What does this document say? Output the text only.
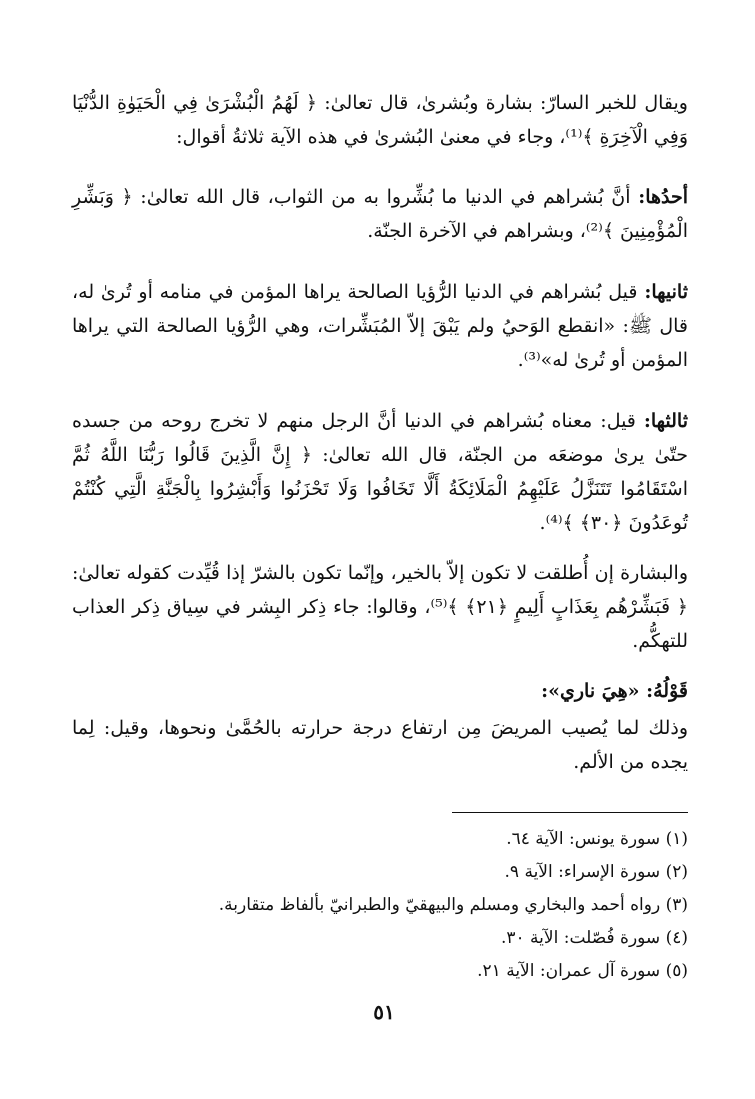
ويقال للخبر السارّ: بشارة وبُشرىٰ، قال تعالىٰ: ﴿ لَهُمُ الْبُشْرَىٰ فِي الْحَيَوٰةِ الدُّنْيَا وَفِي الْآخِرَةِ ﴾⁽¹⁾، وجاء في معنىٰ البُشرىٰ في هذه الآية ثلاثةُ أقوال:

أحدُها: أنَّ بُشراهم في الدنيا ما بُشِّروا به من الثواب، قال الله تعالىٰ: ﴿ وَبَشِّرِ الْمُؤْمِنِينَ ﴾⁽²⁾، وبشراهم في الآخرة الجنّة.

ثانيها: قيل بُشراهم في الدنيا الرُّؤيا الصالحة يراها المؤمن في منامه أو تُرىٰ له، قال ﷺ: «انقطع الوَحيُ ولم يَبْقَ إلاّ المُبَشِّرات، وهي الرُّؤيا الصالحة التي يراها المؤمن أو تُرىٰ له»⁽³⁾.

ثالثها: قيل: معناه بُشراهم في الدنيا أنَّ الرجل منهم لا تخرج روحه من جسده حتّىٰ يرىٰ موضعَه من الجنّة، قال الله تعالىٰ: ﴿ إِنَّ الَّذِينَ قَالُوا رَبُّنَا اللَّهُ ثُمَّ اسْتَقَامُوا تَتَنَزَّلُ عَلَيْهِمُ الْمَلَائِكَةُ أَلَّا تَخَافُوا وَلَا تَحْزَنُوا وَأَبْشِرُوا بِالْجَنَّةِ الَّتِي كُنْتُمْ تُوعَدُونَ ﴿٣٠﴾ ﴾⁽⁴⁾.

والبشارة إن أُطلقت لا تكون إلاّ بالخير، وإنّما تكون بالشرّ إذا قُيِّدت كقوله تعالىٰ: ﴿ فَبَشِّرْهُم بِعَذَابٍ أَلِيمٍ ﴿٢١﴾ ﴾⁽⁵⁾، وقالوا: جاء ذِكر البِشر في سِياق ذِكر العذاب للتهكُّم.

قَوْلُهُ: «هِيَ ناري»:

وذلك لما يُصيب المريضَ مِن ارتفاع درجة حرارته بالحُمَّىٰ ونحوها، وقيل: لِما يجده من الألم.

(١) سورة يونس: الآية ٦٤.
(٢) سورة الإسراء: الآية ٩.
(٣) رواه أحمد والبخاري ومسلم والبيهقيّ والطبرانيّ بألفاظ متقاربة.
(٤) سورة فُصّلت: الآية ٣٠.
(٥) سورة آل عمران: الآية ٢١.
٥١
